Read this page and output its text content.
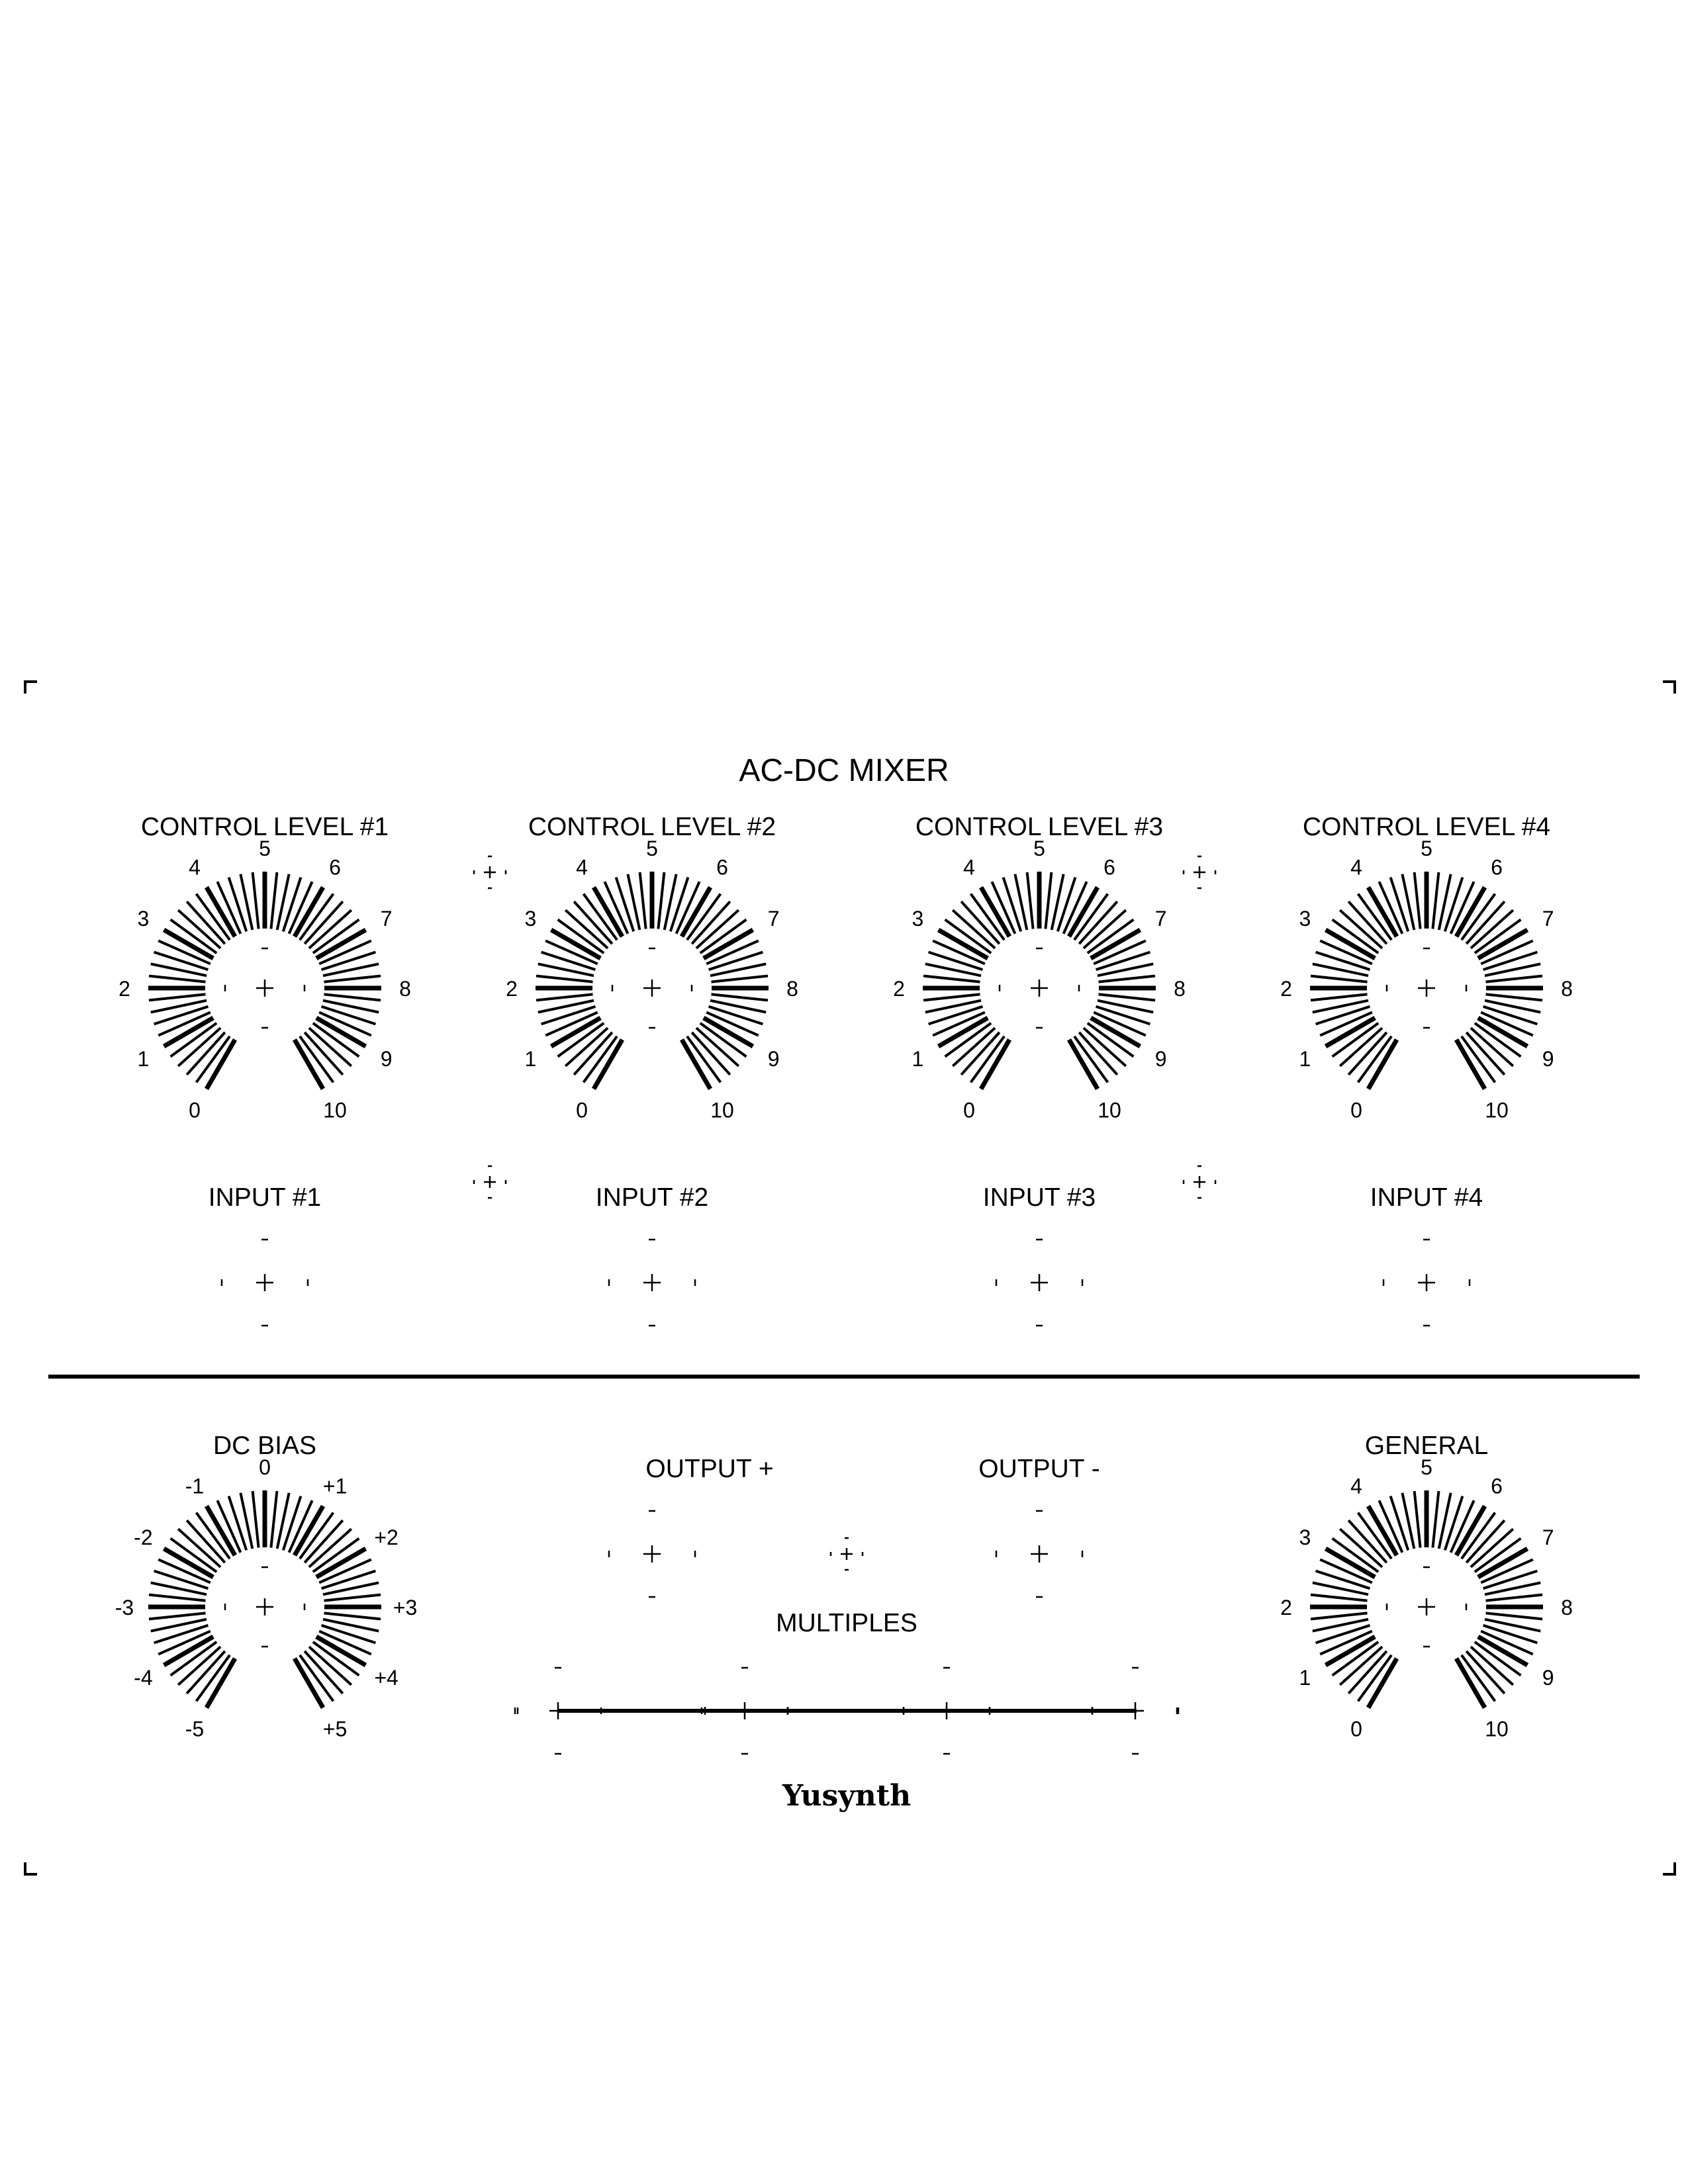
AC-DC MIXER
CONTROL LEVEL #1	CONTROL LEVEL #2	CONTROL LEVEL #3	CONTROL LEVEL #4
DC BIAS	GENERAL
INPUT #1	INPUT #2	INPUT #3	INPUT #4
OUTPUT +	OUTPUT -
MULTIPLES
Yusynth
0
1
2
3
4
5
6
7
8
9
10	0
1
2
3
4
5
6
7
8
9
10	0
1
2
3
4
5
6
7
8
9
10	0
1
2
3
4
5
6
7
8
9
10
-5
-4
-3
-2
-1
0
+1
+2
+3
+4
+5	0
1
2
3
4
5
6
7
8
9
10
